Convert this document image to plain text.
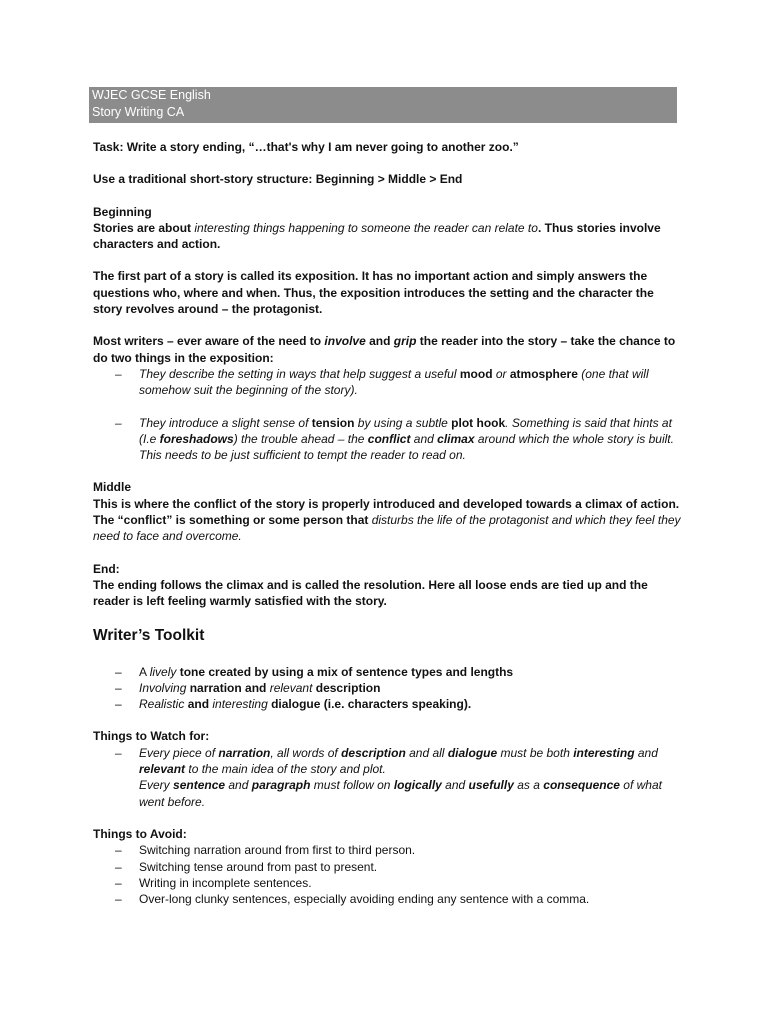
WJEC GCSE English
Story Writing CA

Task: Write a story ending, “…that's why I am never going to another zoo.”

Use a traditional short-story structure: Beginning > Middle > End

Beginning

Stories are about interesting things happening to someone the reader can relate to. Thus stories involve characters and action.

The first part of a story is called its exposition. It has no important action and simply answers the questions who, where and when. Thus, the exposition introduces the setting and the character the story revolves around – the protagonist.

Most writers – ever aware of the need to involve and grip the reader into the story – take the chance to do two things in the exposition:

– They describe the setting in ways that help suggest a useful mood or atmosphere (one that will somehow suit the beginning of the story).
– They introduce a slight sense of tension by using a subtle plot hook. Something is said that hints at (I.e foreshadows) the trouble ahead – the conflict and climax around which the whole story is built. This needs to be just sufficient to tempt the reader to read on.

Middle

This is where the conflict of the story is properly introduced and developed towards a climax of action. The “conflict” is something or some person that disturbs the life of the protagonist and which they feel they need to face and overcome.

End:

The ending follows the climax and is called the resolution. Here all loose ends are tied up and the reader is left feeling warmly satisfied with the story.

Writer’s Toolkit

– A lively tone created by using a mix of sentence types and lengths
– Involving narration and relevant description
– Realistic and interesting dialogue (i.e. characters speaking).

Things to Watch for:

– Every piece of narration, all words of description and all dialogue must be both interesting and relevant to the main idea of the story and plot.
Every sentence and paragraph must follow on logically and usefully as a consequence of what went before.

Things to Avoid:

– Switching narration around from first to third person.
– Switching tense around from past to present.
– Writing in incomplete sentences.
– Over-long clunky sentences, especially avoiding ending any sentence with a comma.
